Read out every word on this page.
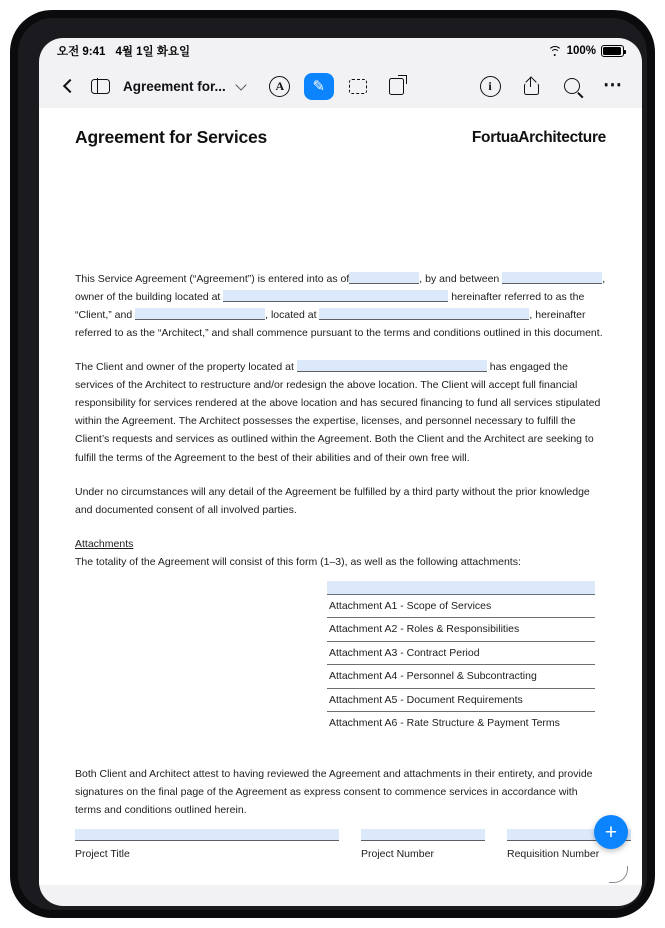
오전 9:41 4월 1일 화요일	100%
Agreement for...	A	✎	i	⋯
Agreement for Services	FortuaArchitecture

This Service Agreement (“Agreement”) is entered into as of	, by and between	, owner of the building located at	hereinafter referred to as the “Client,” and	, located at	, hereinafter referred to as the “Architect,” and shall commence pursuant to the terms and conditions outlined in this document.

The Client and owner of the property located at	has engaged the services of the Architect to restructure and/or redesign the above location. The Client will accept full financial responsibility for services rendered at the above location and has secured financing to fund all services stipulated within the Agreement. The Architect possesses the expertise, licenses, and personnel necessary to fulfill the Client’s requests and services as outlined within the Agreement. Both the Client and the Architect are seeking to fulfill the terms of the Agreement to the best of their abilities and of their own free will.

Under no circumstances will any detail of the Agreement be fulfilled by a third party without the prior knowledge and documented consent of all involved parties.

Attachments

The totality of the Agreement will consist of this form (1–3), as well as the following attachments:

Attachment A1 - Scope of Services
Attachment A2 - Roles & Responsibilities
Attachment A3 - Contract Period
Attachment A4 - Personnel & Subcontracting
Attachment A5 - Document Requirements
Attachment A6 - Rate Structure & Payment Terms

Both Client and Architect attest to having reviewed the Agreement and attachments in their entirety, and provide signatures on the final page of the Agreement as express consent to commence services in accordance with terms and conditions outlined herein.

Project Title	Project Number	Requisition Number
+
